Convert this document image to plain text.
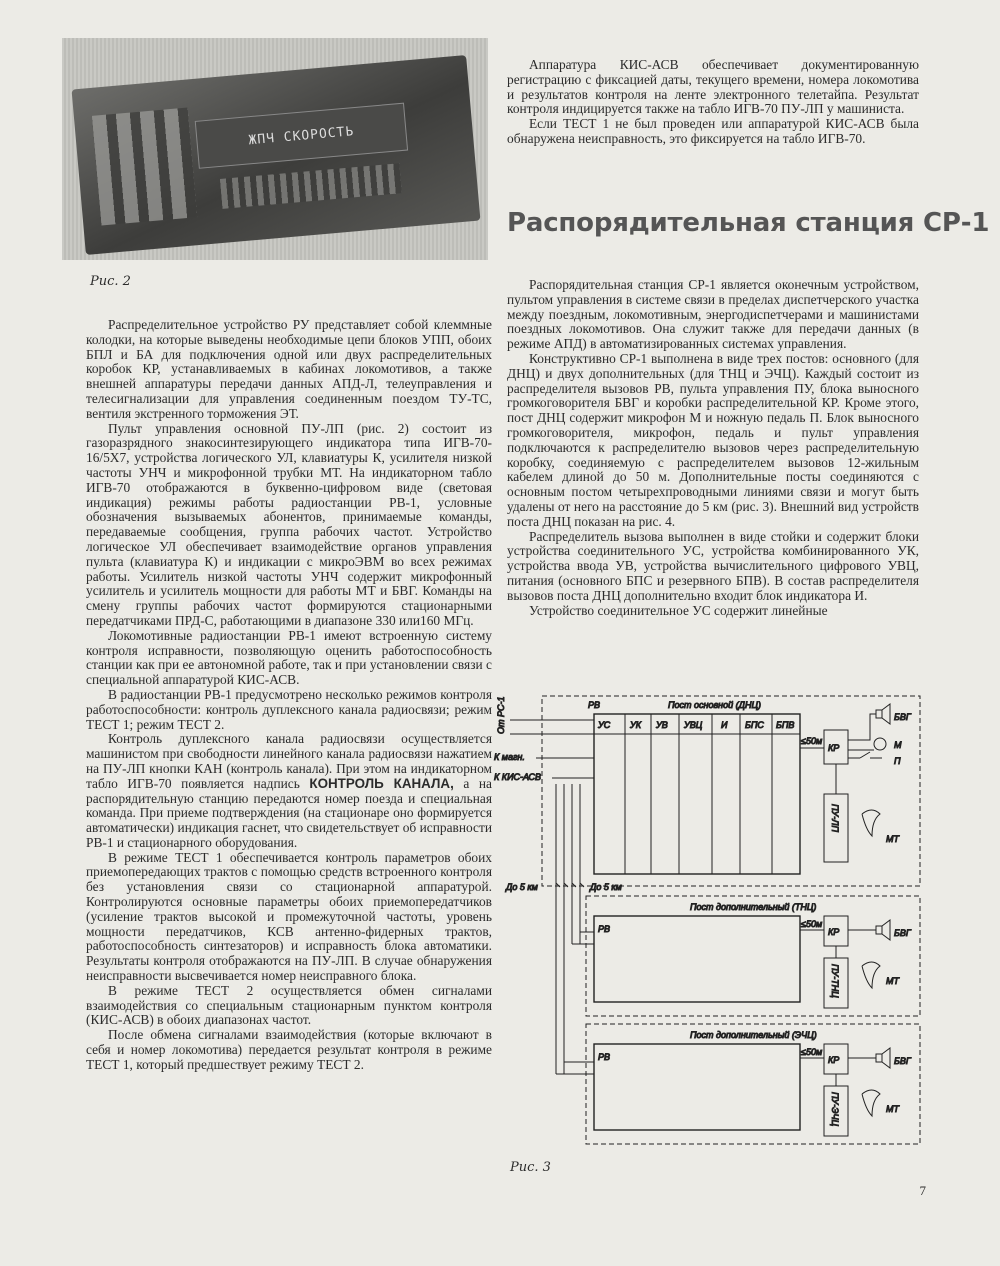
ЖПЧ СКОРОСТЬ
Рис. 2

Аппаратура КИС-АСВ обеспечивает документированную регистрацию с фиксацией даты, текущего времени, номера локомотива и результатов контроля на ленте электронного телетайпа. Результат контроля индицируется также на табло ИГВ-70 ПУ-ЛП у машиниста.

Если ТЕСТ 1 не был проведен или аппаратурой КИС-АСВ была обнаружена неисправность, это фиксируется на табло ИГВ-70.

Распорядительная станция СР-1

Распределительное устройство РУ представляет собой клеммные колодки, на которые выведены необходимые цепи блоков УПП, обоих БПЛ и БА для подключения одной или двух распределительных коробок КР, устанавливаемых в кабинах локомотивов, а также внешней аппаратуры передачи данных АПД-Л, телеуправления и телесигнализации для управления соединенным поездом ТУ-ТС, вентиля экстренного торможения ЭТ.

Пульт управления основной ПУ-ЛП (рис. 2) состоит из газоразрядного знакосинтезирующего индикатора типа ИГВ-70-16/5Х7, устройства логического УЛ, клавиатуры К, усилителя низкой частоты УНЧ и микрофонной трубки МТ. На индикаторном табло ИГВ-70 отображаются в буквенно-цифровом виде (световая индикация) режимы работы радиостанции РВ-1, условные обозначения вызываемых абонентов, принимаемые команды, передаваемые сообщения, группа рабочих частот. Устройство логическое УЛ обеспечивает взаимодействие органов управления пульта (клавиатура К) и индикации с микроЭВМ во всех режимах работы. Усилитель низкой частоты УНЧ содержит микрофонный усилитель и усилитель мощности для работы МТ и БВГ. Команды на смену группы рабочих частот формируются стационарными передатчиками ПРД-С, работающими в диапазоне 330 или160 МГц.

Локомотивные радиостанции РВ-1 имеют встроенную систему контроля исправности, позволяющую оценить работоспособность станции как при ее автономной работе, так и при установлении связи с специальной аппаратурой КИС-АСВ.

В радиостанции РВ-1 предусмотрено несколько режимов контроля работоспособности: контроль дуплексного канала радиосвязи; режим ТЕСТ 1; режим ТЕСТ 2.

Контроль дуплексного канала радиосвязи осуществляется машинистом при свободности линейного канала радиосвязи нажатием на ПУ-ЛП кнопки КАН (контроль канала). При этом на индикаторном табло ИГВ-70 появляется надпись КОНТРОЛЬ КАНАЛА, а на распорядительную станцию передаются номер поезда и специальная команда. При приеме подтверждения (на стационаре оно формируется автоматически) индикация гаснет, что свидетельствует об исправности РВ-1 и стационарного оборудования.

В режиме ТЕСТ 1 обеспечивается контроль параметров обоих приемопередающих трактов с помощью средств встроенного контроля без установления связи со стационарной аппаратурой. Контролируются основные параметры обоих приемопередатчиков (усиление трактов высокой и промежуточной частоты, уровень мощности передатчиков, КСВ антенно-фидерных трактов, работоспособность синтезаторов) и исправность блока автоматики. Результаты контроля отображаются на ПУ-ЛП. В случае обнаружения неисправности высвечивается номер неисправного блока.

В режиме ТЕСТ 2 осуществляется обмен сигналами взаимодействия со специальным стационарным пунктом контроля (КИС-АСВ) в обоих диапазонах частот.

После обмена сигналами взаимодействия (которые включают в себя и номер локомотива) передается результат контроля в режиме ТЕСТ 1, который предшествует режиму ТЕСТ 2.

Распорядительная станция СР-1 является оконечным устройством, пультом управления в системе связи в пределах диспетчерского участка между поездным, локомотивным, энергодиспетчерами и машинистами поездных локомотивов. Она служит также для передачи данных (в режиме АПД) в автоматизированных системах управления.

Конструктивно СР-1 выполнена в виде трех постов: основного (для ДНЦ) и двух дополнительных (для ТНЦ и ЭЧЦ). Каждый состоит из распределителя вызовов РВ, пульта управления ПУ, блока выносного громкоговорителя БВГ и коробки распределительной КР. Кроме этого, пост ДНЦ содержит микрофон М и ножную педаль П. Блок выносного громкоговорителя, микрофон, педаль и пульт управления подключаются к распределителю вызовов через распределительную коробку, соединяемую с распределителем вызовов 12-жильным кабелем длиной до 50 м. Дополнительные посты соединяются с основным постом четырехпроводными линиями связи и могут быть удалены от него на расстояние до 5 км (рис. 3). Внешний вид устройств поста ДНЦ показан на рис. 4.

Распределитель вызова выполнен в виде стойки и содержит блоки устройства соединительного УС, устройства комбинированного УК, устройства ввода УВ, устройства вычислительного цифрового УВЦ, питания (основного БПС и резервного БПВ). В состав распределителя вызовов поста ДНЦ дополнительно входит блок индикатора И.

Устройство соединительное УС содержит линейные

РВ	Пост основной (ДНЦ)
УС УК УВ УВЦ И БПС БПВ
От РС-1
К магн.
К КИС-АСВ
≤50м
КР
БВГ
М
П
ПУ-ЛП
МТ
До 5 км	До 5 км
Пост дополнительный (ТНЦ)
РВ	≤50м
КР	БВГ
ПУ-ТНЦ	МТ
Пост дополнительный (ЭЧЦ)
РВ	≤50м
КР	БВГ
ПУ-ЭЧЦ	МТ
Рис. 3
7
